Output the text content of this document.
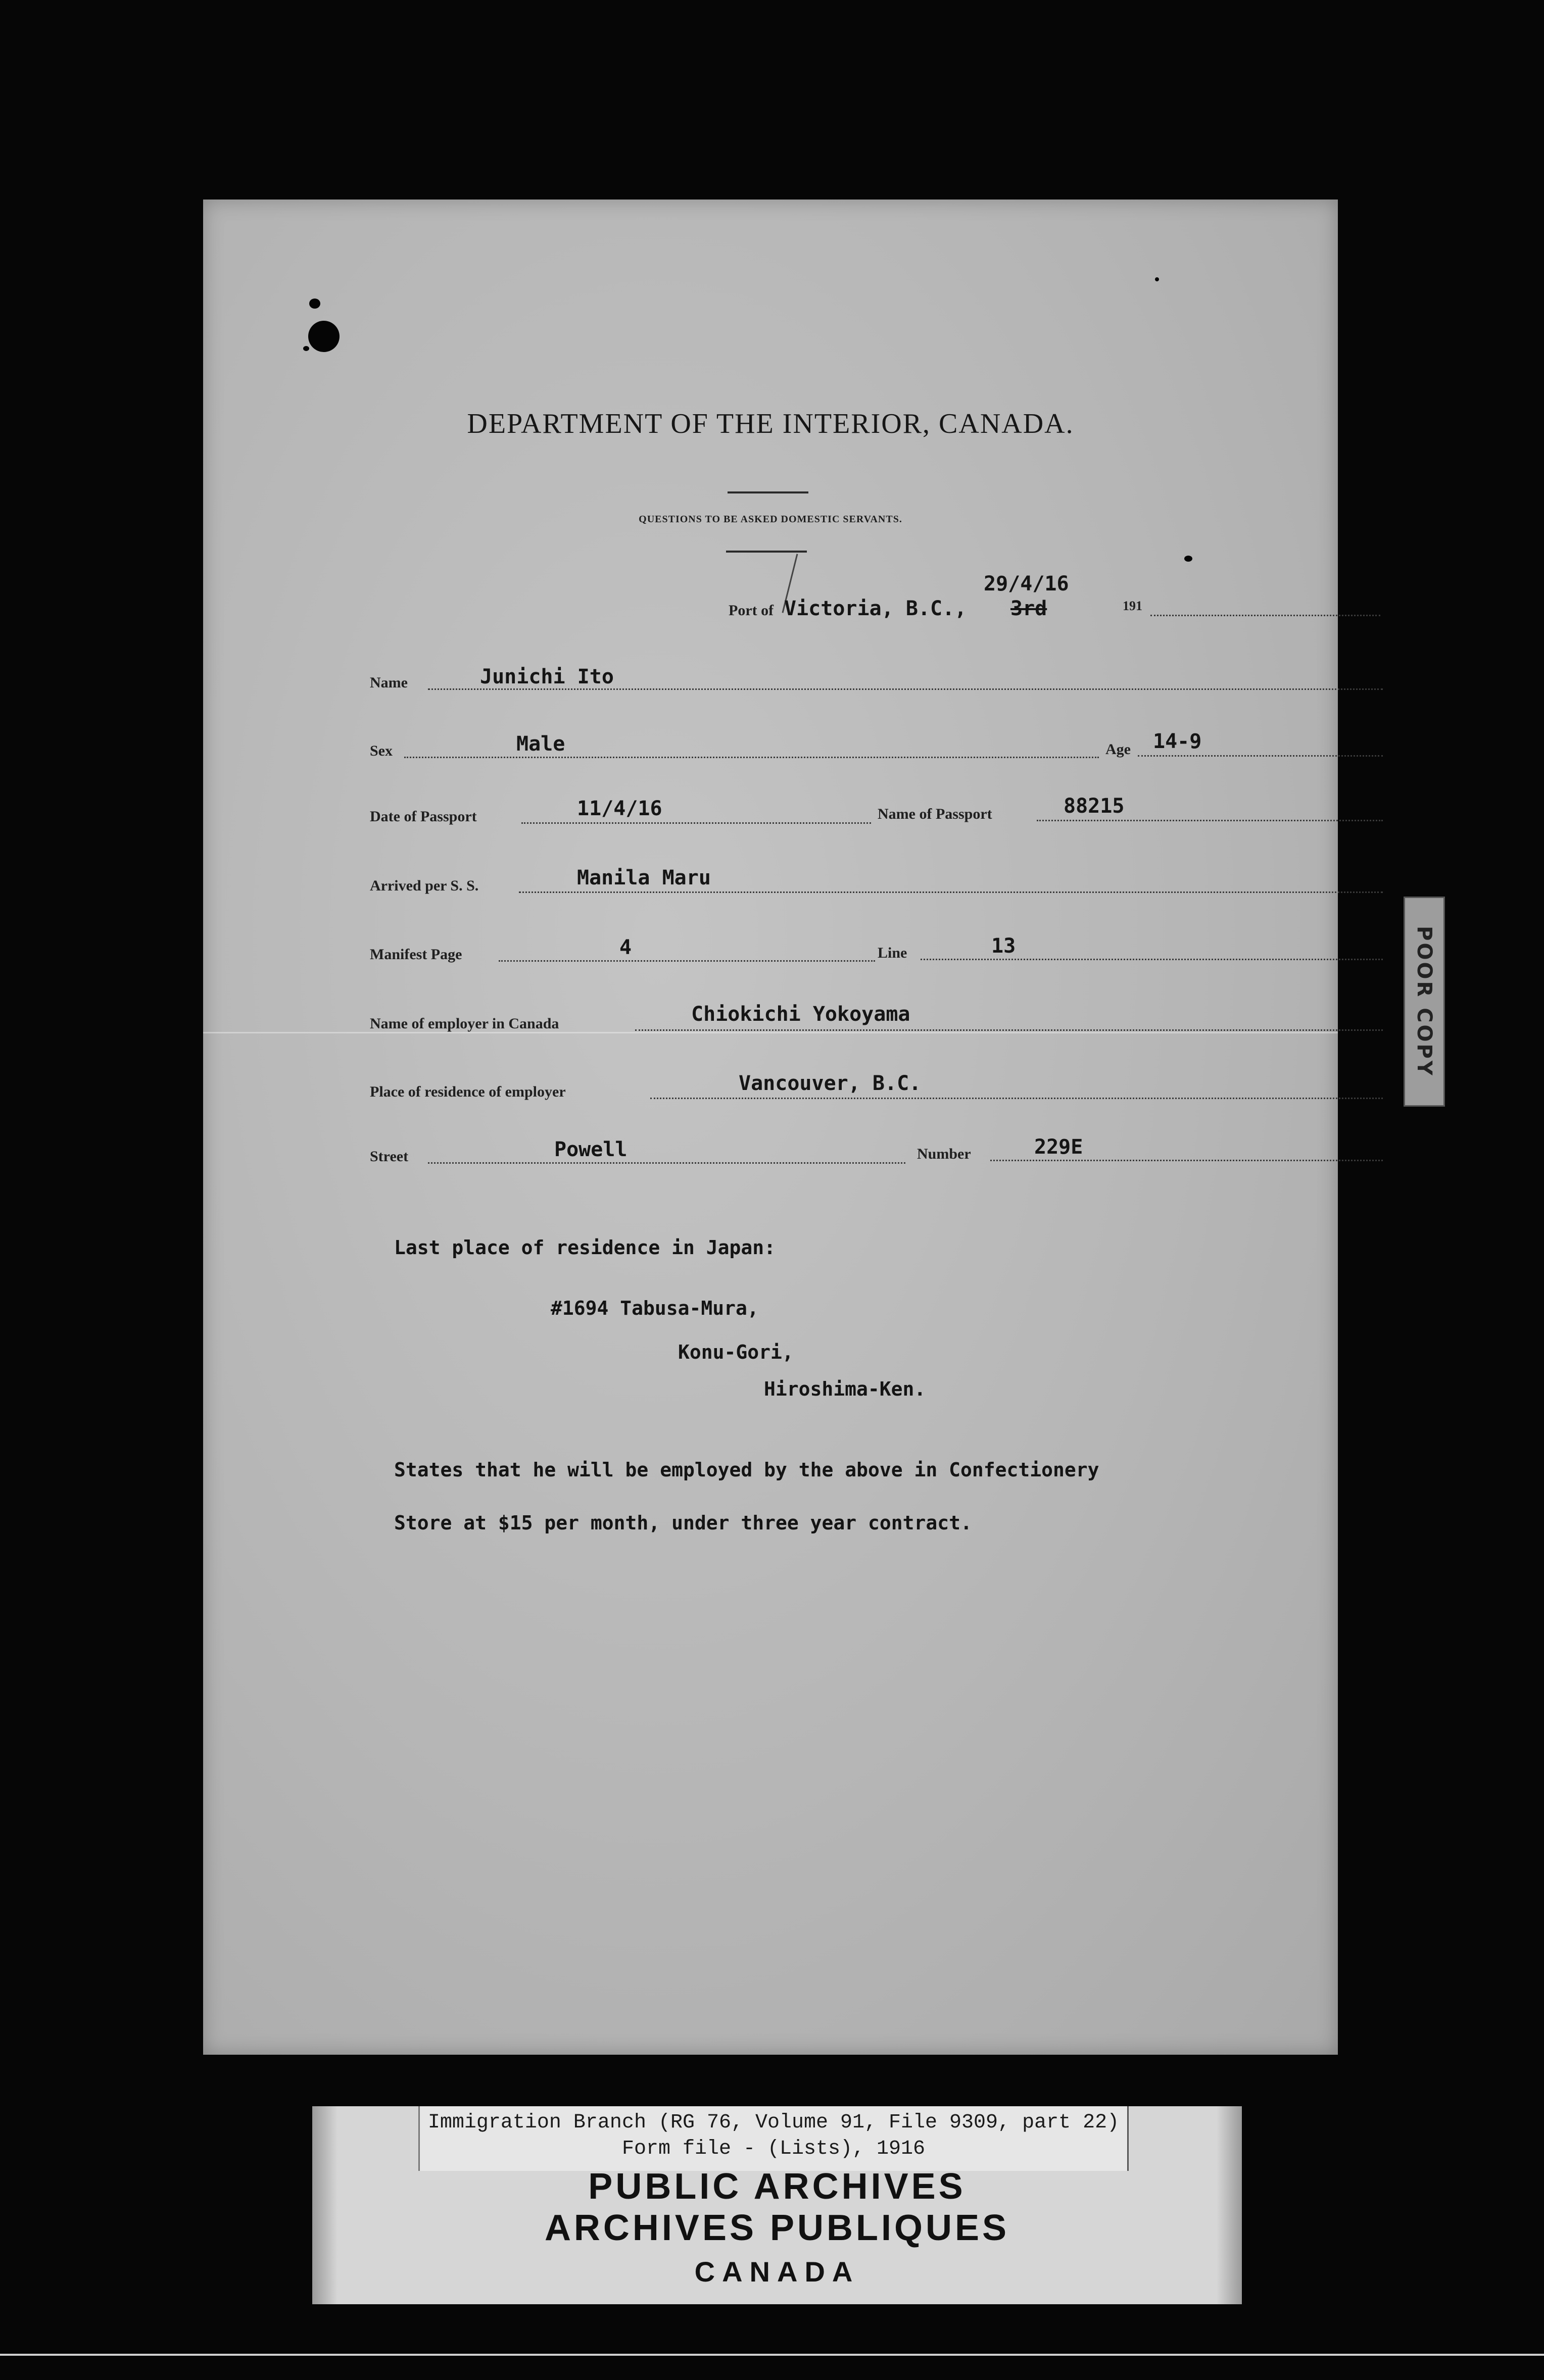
DEPARTMENT OF THE INTERIOR, CANADA.
QUESTIONS TO BE ASKED DOMESTIC SERVANTS.
Port of Victoria, B.C., 3rd
29/4/16
191
Name	Junichi Ito
Sex	Male	Age 14-9
Date of Passport	11/4/16	Name of Passport	88215
Arrived per S. S.	Manila Maru
Manifest Page	4	Line	13
Name of employer in Canada	Chiokichi Yokoyama
Place of residence of employer	Vancouver, B.C.
Street	Powell	Number	229E
Last place of residence in Japan:
#1694 Tabusa-Mura,
Konu-Gori,
Hiroshima-Ken.
States that he will be employed by the above in Confectionery
Store at $15 per month, under three year contract.
POOR COPY
Immigration Branch (RG 76, Volume 91, File 9309, part 22)
Form file - (Lists), 1916
PUBLIC ARCHIVES
ARCHIVES PUBLIQUES
CANADA
